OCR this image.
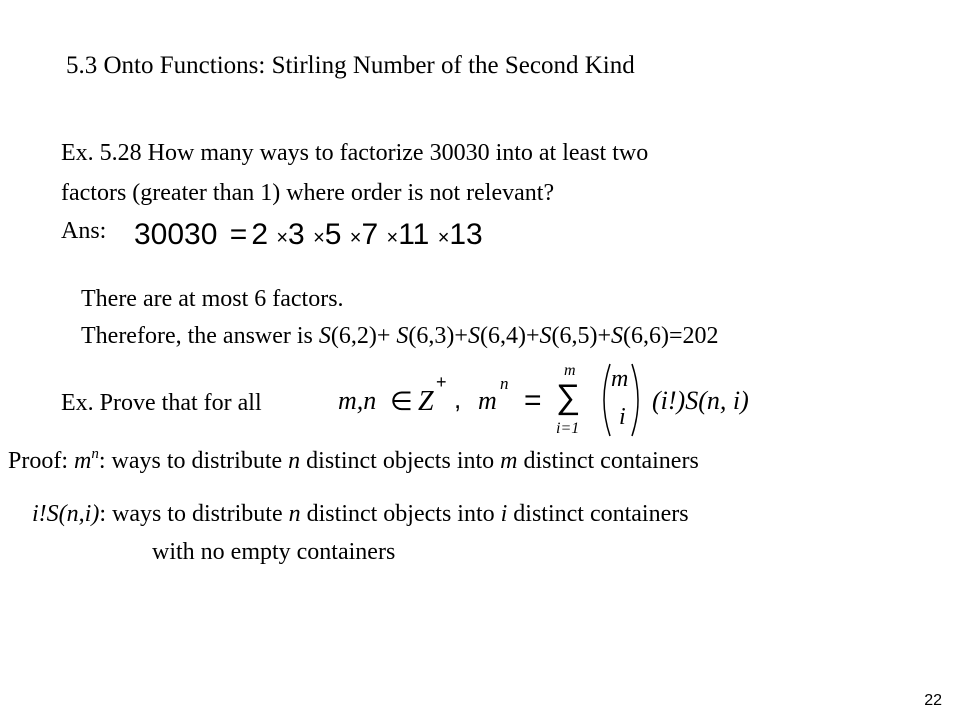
5.3 Onto Functions: Stirling Number of the Second Kind
Ex. 5.28 How many ways to factorize 30030 into at least two
factors (greater than 1) where order is not relevant?
Ans: 30030 = 2 ×3 ×5 ×7 ×11 ×13
There are at most 6 factors.
Therefore, the answer is S(6,2)+ S(6,3)+S(6,4)+S(6,5)+S(6,6)=202
Ex. Prove that for all	m,n ∈ Z
+
, m
n
=
m
∑
i=1
m
i
(i!)S(n, i)
Proof: $m^n$: ways to distribute n distinct objects into m distinct containers
i!S(n,i): ways to distribute n distinct objects into i distinct containers
with no empty containers
22
